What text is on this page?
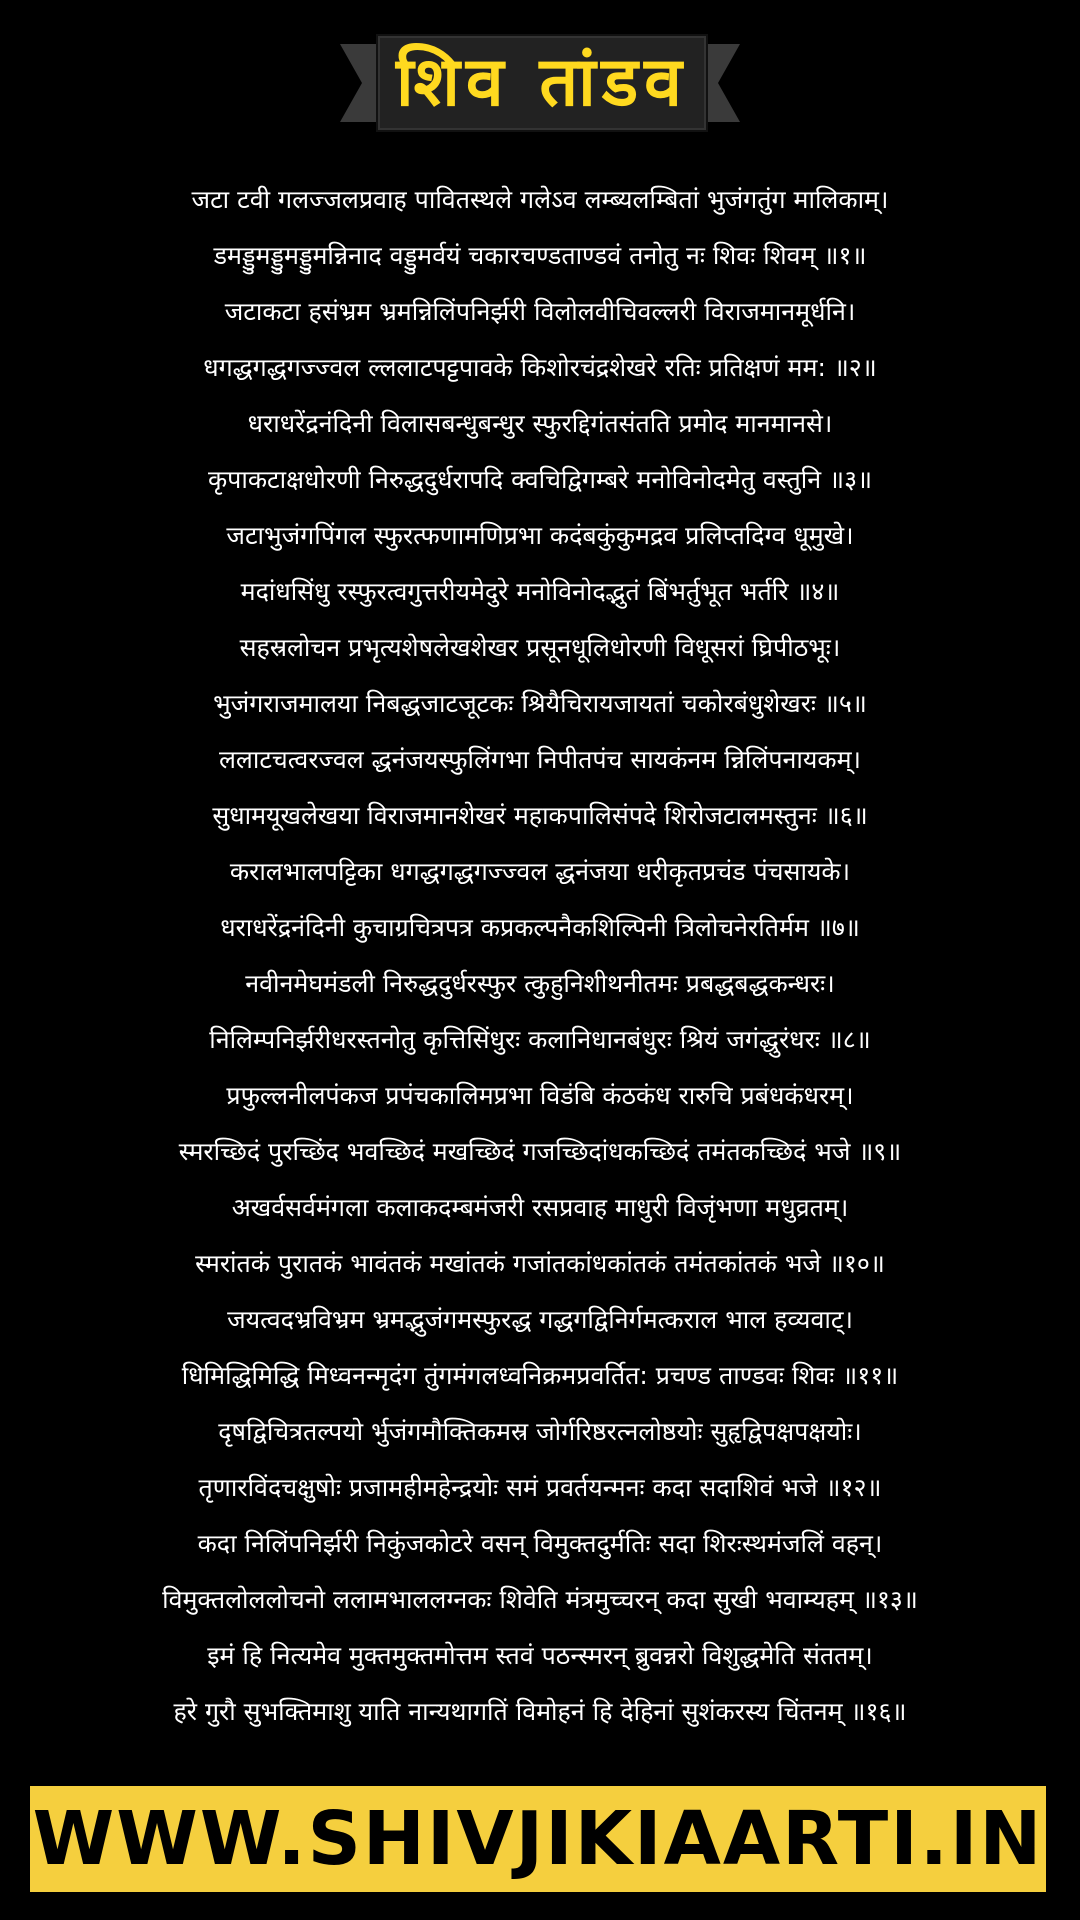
शिव तांडव
जटा टवी गलज्जलप्रवाह पावितस्थले गलेऽव लम्ब्यलम्बितां भुजंगतुंग मालिकाम्।
डमड्डुमड्डुमड्डुमन्निनाद वड्डुमर्वयं चकारचण्डताण्डवं तनोतु नः शिवः शिवम् ॥१॥
जटाकटा हसंभ्रम भ्रमन्निलिंपनिर्झरी विलोलवीचिवल्लरी विराजमानमूर्धनि।
धगद्धगद्धगज्ज्वल ल्ललाटपट्टपावके किशोरचंद्रशेखरे रतिः प्रतिक्षणं मम: ॥२॥
धराधरेंद्रनंदिनी विलासबन्धुबन्धुर स्फुरद्दिगंतसंतति प्रमोद मानमानसे।
कृपाकटाक्षधोरणी निरुद्धदुर्धरापदि क्वचिद्विगम्बरे मनोविनोदमेतु वस्तुनि ॥३॥
जटाभुजंगपिंगल स्फुरत्फणामणिप्रभा कदंबकुंकुमद्रव प्रलिप्तदिग्व धूमुखे।
मदांधसिंधु रस्फुरत्वगुत्तरीयमेदुरे मनोविनोदद्भुतं बिंभर्तुभूत भर्तरि ॥४॥
सहस्रलोचन प्रभृत्यशेषलेखशेखर प्रसूनधूलिधोरणी विधूसरां घ्रिपीठभूः।
भुजंगराजमालया निबद्धजाटजूटकः श्रियैचिरायजायतां चकोरबंधुशेखरः ॥५॥
ललाटचत्वरज्वल द्धनंजयस्फुलिंगभा निपीतपंच सायकंनम न्निलिंपनायकम्।
सुधामयूखलेखया विराजमानशेखरं महाकपालिसंपदे शिरोजटालमस्तुनः ॥६॥
करालभालपट्टिका धगद्धगद्धगज्ज्वल द्धनंजया धरीकृतप्रचंड पंचसायके।
धराधरेंद्रनंदिनी कुचाग्रचित्रपत्र कप्रकल्पनैकशिल्पिनी त्रिलोचनेरतिर्मम ॥७॥
नवीनमेघमंडली निरुद्धदुर्धरस्फुर त्कुहुनिशीथनीतमः प्रबद्धबद्धकन्धरः।
निलिम्पनिर्झरीधरस्तनोतु कृत्तिसिंधुरः कलानिधानबंधुरः श्रियं जगंद्धुरंधरः ॥८॥
प्रफुल्लनीलपंकज प्रपंचकालिमप्रभा विडंबि कंठकंध रारुचि प्रबंधकंधरम्।
स्मरच्छिदं पुरच्छिंद भवच्छिदं मखच्छिदं गजच्छिदांधकच्छिदं तमंतकच्छिदं भजे ॥९॥
अखर्वसर्वमंगला कलाकदम्बमंजरी रसप्रवाह माधुरी विजृंभणा मधुव्रतम्।
स्मरांतकं पुरातकं भावंतकं मखांतकं गजांतकांधकांतकं तमंतकांतकं भजे ॥१०॥
जयत्वदभ्रविभ्रम भ्रमद्भुजंगमस्फुरद्ध गद्धगद्विनिर्गमत्कराल भाल हव्यवाट्।
धिमिद्धिमिद्धि मिध्वनन्मृदंग तुंगमंगलध्वनिक्रमप्रवर्तित: प्रचण्ड ताण्डवः शिवः ॥११॥
दृषद्विचित्रतल्पयो र्भुजंगमौक्तिकमस्र जोर्गरिष्ठरत्नलोष्ठयोः सुहृद्विपक्षपक्षयोः।
तृणारविंदचक्षुषोः प्रजामहीमहेन्द्रयोः समं प्रवर्तयन्मनः कदा सदाशिवं भजे ॥१२॥
कदा निलिंपनिर्झरी निकुंजकोटरे वसन् विमुक्तदुर्मतिः सदा शिरःस्थमंजलिं वहन्।
विमुक्तलोललोचनो ललामभाललग्नकः शिवेति मंत्रमुच्चरन् कदा सुखी भवाम्यहम् ॥१३॥
इमं हि नित्यमेव मुक्तमुक्तमोत्तम स्तवं पठन्स्मरन् ब्रुवन्नरो विशुद्धमेति संततम्।
हरे गुरौ सुभक्तिमाशु याति नान्यथागतिं विमोहनं हि देहिनां सुशंकरस्य चिंतनम् ॥१६॥
WWW.SHIVJIKIAARTI.IN
